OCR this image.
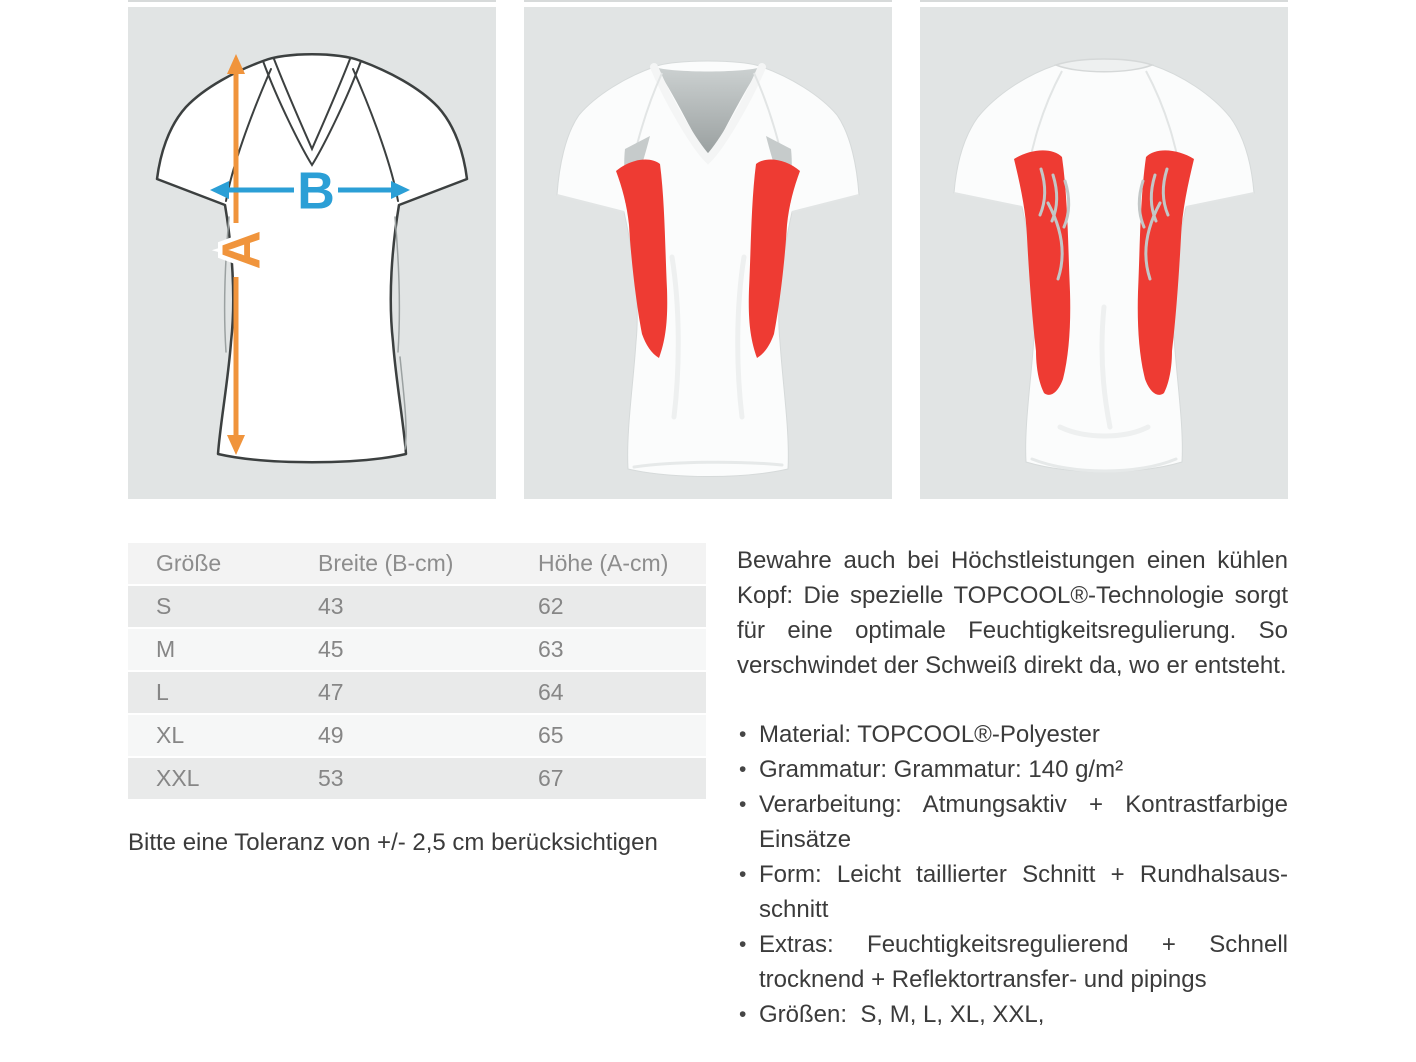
A
B
Größe	Breite (B-cm)	Höhe (A-cm)
S	43	62
M	45	63
L	47	64
XL	49	65
XXL	53	67
Bitte eine Toleranz von +/- 2,5 cm berücksichtigen

Bewahre auch bei Höchstleistungen einen kühlen Kopf: Die spezielle TOPCOOL®-Technologie sorgt für eine optimale Feuchtigkeitsregulierung. So verschwindet der Schweiß direkt da, wo er entsteht.

• Material: TOPCOOL®-Polyester
• Grammatur: Grammatur: 140 g/m²
• Verarbeitung: Atmungsaktiv + Kontrastfarbige Einsätze
• Form: Leicht taillierter Schnitt + Rundhalsausschnitt
• Extras: Feuchtigkeitsregulierend + Schnell trocknend + Reflektortransfer- und pipings
• Größen:  S, M, L, XL, XXL,
